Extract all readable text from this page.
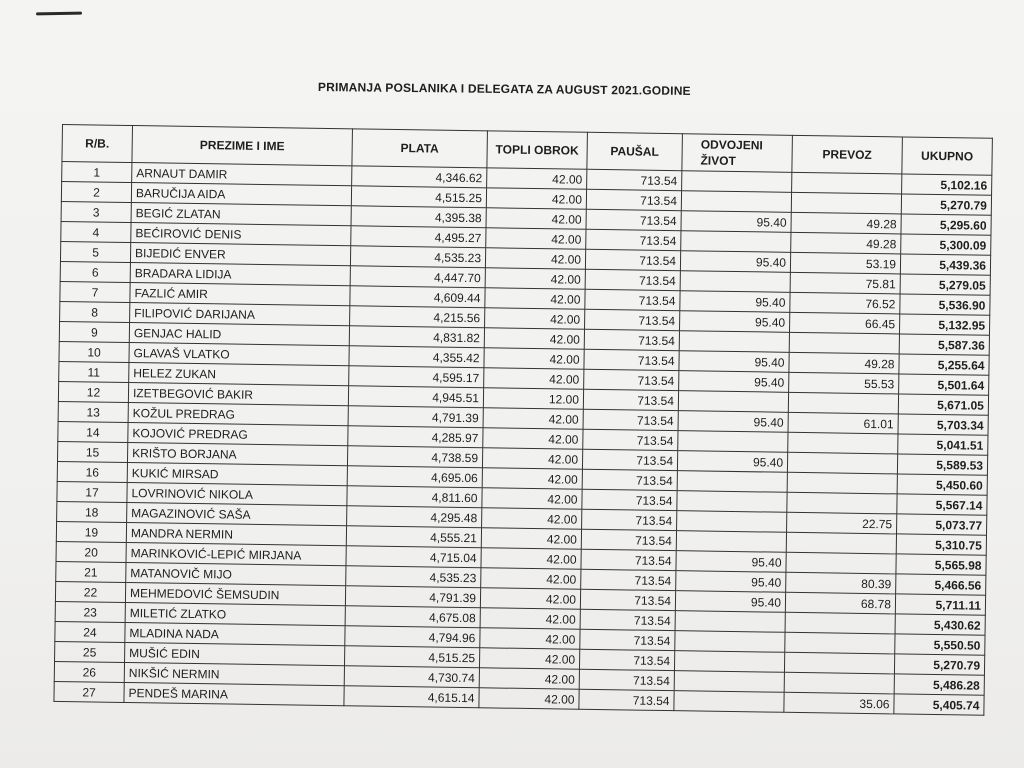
PRIMANJA POSLANIKA I DELEGATA ZA AUGUST 2021.GODINE
R/B.	PREZIME I IME	PLATA	TOPLI OBROK	PAUŠAL	ODVOJENI
ŽIVOT	PREVOZ	UKUPNO
1	ARNAUT DAMIR	4,346.62	42.00	713.54			5,102.16
2	BARUČIJA AIDA	4,515.25	42.00	713.54			5,270.79
3	BEGIĆ ZLATAN	4,395.38	42.00	713.54	95.40	49.28	5,295.60
4	BEĆIROVIĆ DENIS	4,495.27	42.00	713.54		49.28	5,300.09
5	BIJEDIĆ ENVER	4,535.23	42.00	713.54	95.40	53.19	5,439.36
6	BRADARA LIDIJA	4,447.70	42.00	713.54		75.81	5,279.05
7	FAZLIĆ AMIR	4,609.44	42.00	713.54	95.40	76.52	5,536.90
8	FILIPOVIĆ DARIJANA	4,215.56	42.00	713.54	95.40	66.45	5,132.95
9	GENJAC HALID	4,831.82	42.00	713.54			5,587.36
10	GLAVAŠ VLATKO	4,355.42	42.00	713.54	95.40	49.28	5,255.64
11	HELEZ ZUKAN	4,595.17	42.00	713.54	95.40	55.53	5,501.64
12	IZETBEGOVIĆ BAKIR	4,945.51	12.00	713.54			5,671.05
13	KOŽUL PREDRAG	4,791.39	42.00	713.54	95.40	61.01	5,703.34
14	KOJOVIĆ PREDRAG	4,285.97	42.00	713.54			5,041.51
15	KRIŠTO BORJANA	4,738.59	42.00	713.54	95.40		5,589.53
16	KUKIĆ MIRSAD	4,695.06	42.00	713.54			5,450.60
17	LOVRINOVIĆ NIKOLA	4,811.60	42.00	713.54			5,567.14
18	MAGAZINOVIĆ SAŠA	4,295.48	42.00	713.54		22.75	5,073.77
19	MANDRA NERMIN	4,555.21	42.00	713.54			5,310.75
20	MARINKOVIĆ-LEPIĆ MIRJANA	4,715.04	42.00	713.54	95.40		5,565.98
21	MATANOVIČ MIJO	4,535.23	42.00	713.54	95.40	80.39	5,466.56
22	MEHMEDOVIĆ ŠEMSUDIN	4,791.39	42.00	713.54	95.40	68.78	5,711.11
23	MILETIĆ ZLATKO	4,675.08	42.00	713.54			5,430.62
24	MLADINA NADA	4,794.96	42.00	713.54			5,550.50
25	MUŠIĆ EDIN	4,515.25	42.00	713.54			5,270.79
26	NIKŠIĆ NERMIN	4,730.74	42.00	713.54			5,486.28
27	PENDEŠ MARINA	4,615.14	42.00	713.54		35.06	5,405.74
